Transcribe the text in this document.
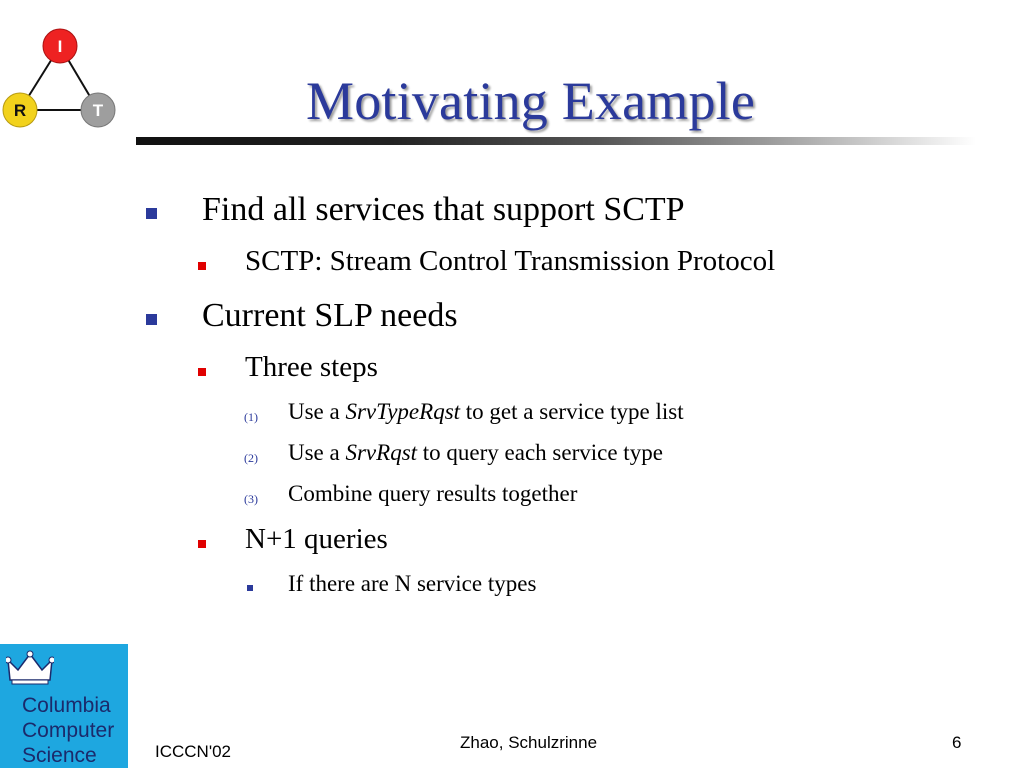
I
R	T	Motivating Example
Find all services that support SCTP
SCTP: Stream Control Transmission Protocol
Current SLP needs
Three steps
(1) Use a SrvTypeRqst to get a service type list
(2) Use a SrvRqst to query each service type
(3) Combine query results together
N+1 queries
If there are N service types
Columbia
Computer
Science	ICCCN'02	Zhao, Schulzrinne	6
